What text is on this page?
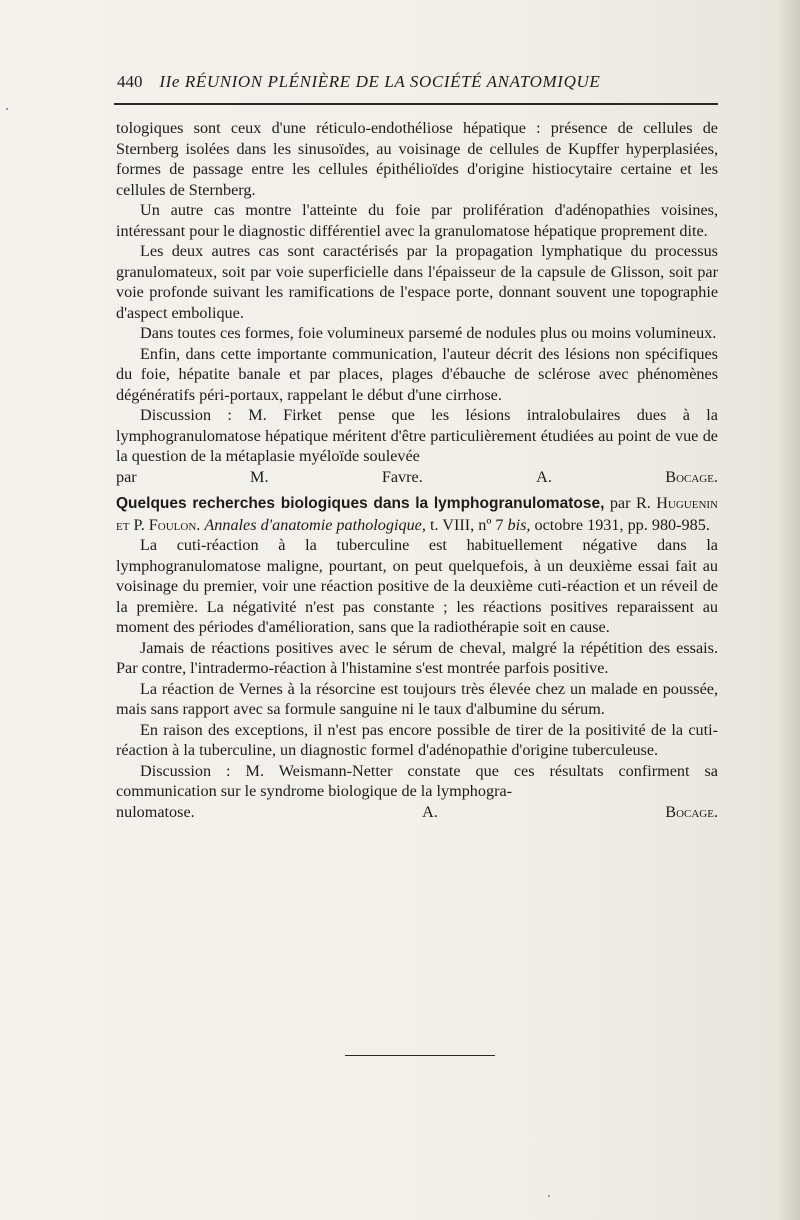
440 IIe RÉUNION PLÉNIÈRE DE LA SOCIÉTÉ ANATOMIQUE

tologiques sont ceux d'une réticulo-endothéliose hépatique : présence de cellules de Sternberg isolées dans les sinusoïdes, au voisinage de cellules de Kupffer hyperplasiées, formes de passage entre les cellules épithélioïdes d'origine histiocytaire certaine et les cellules de Sternberg.

Un autre cas montre l'atteinte du foie par prolifération d'adénopathies voisines, intéressant pour le diagnostic différentiel avec la granulomatose hépatique proprement dite.

Les deux autres cas sont caractérisés par la propagation lymphatique du processus granulomateux, soit par voie superficielle dans l'épaisseur de la capsule de Glisson, soit par voie profonde suivant les ramifications de l'espace porte, donnant souvent une topographie d'aspect embolique.

Dans toutes ces formes, foie volumineux parsemé de nodules plus ou moins volumineux.

Enfin, dans cette importante communication, l'auteur décrit des lésions non spécifiques du foie, hépatite banale et par places, plages d'ébauche de sclérose avec phénomènes dégénératifs péri-portaux, rappelant le début d'une cirrhose.

Discussion : M. Firket pense que les lésions intralobulaires dues à la lymphogranulomatose hépatique méritent d'être particulièrement étudiées au point de vue de la question de la métaplasie myéloïde soulevée

par M. Favre.	A. Bocage.

Quelques recherches biologiques dans la lymphogranulomatose, par R. Huguenin et P. Foulon. Annales d'anatomie pathologique, t. VIII, nº 7 bis, octobre 1931, pp. 980-985.

La cuti-réaction à la tuberculine est habituellement négative dans la lymphogranulomatose maligne, pourtant, on peut quelquefois, à un deuxième essai fait au voisinage du premier, voir une réaction positive de la deuxième cuti-réaction et un réveil de la première. La négativité n'est pas constante ; les réactions positives reparaissent au moment des périodes d'amélioration, sans que la radiothérapie soit en cause.

Jamais de réactions positives avec le sérum de cheval, malgré la répétition des essais. Par contre, l'intradermo-réaction à l'histamine s'est montrée parfois positive.

La réaction de Vernes à la résorcine est toujours très élevée chez un malade en poussée, mais sans rapport avec sa formule sanguine ni le taux d'albumine du sérum.

En raison des exceptions, il n'est pas encore possible de tirer de la positivité de la cuti-réaction à la tuberculine, un diagnostic formel d'adénopathie d'origine tuberculeuse.

Discussion : M. Weismann-Netter constate que ces résultats confirment sa communication sur le syndrome biologique de la lymphogra-

nulomatose.	A. Bocage.
